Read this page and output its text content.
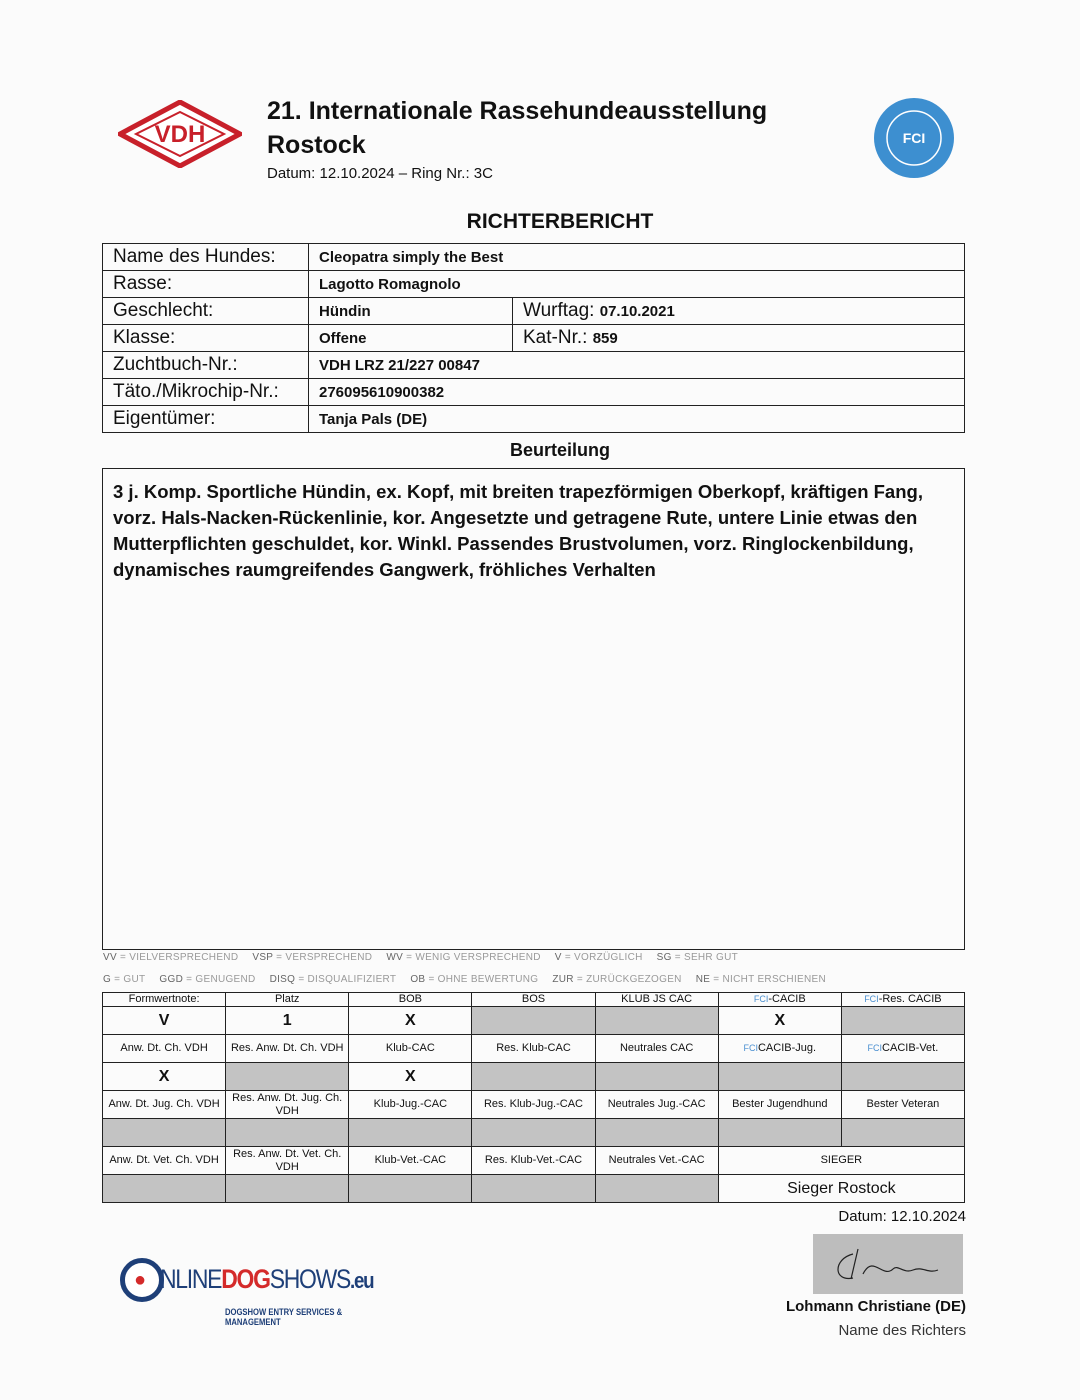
VDH
21. Internationale Rassehundeausstellung
Rostock
Datum: 12.10.2024 – Ring Nr.: 3C
FCI
RICHTERBERICHT
Name des Hundes:	Cleopatra simply the Best	
Rasse:	Lagotto Romagnolo	
Geschlecht:	Hündin	Wurftag: 07.10.2021
Klasse:	Offene	Kat-Nr.: 859
Zuchtbuch-Nr.:	VDH LRZ 21/227 00847	
Täto./Mikrochip-Nr.:	276095610900382	
Eigentümer:	Tanja Pals (DE)	
Beurteilung
3 j. Komp. Sportliche Hündin, ex. Kopf, mit breiten trapezförmigen Oberkopf, kräftigen Fang, vorz. Hals-Nacken-Rückenlinie, kor. Angesetzte und getragene Rute, untere Linie etwas den Mutterpflichten geschuldet, kor. Winkl. Passendes Brustvolumen, vorz. Ringlockenbildung, dynamisches raumgreifendes Gangwerk, fröhliches Verhalten
VV = VIELVERSPRECHEND VSP = VERSPRECHEND WV = WENIG VERSPRECHEND V = VORZÜGLICH SG = SEHR GUT
G = GUT GGD = GENUGEND DISQ = DISQUALIFIZIERT OB = OHNE BEWERTUNG ZUR = ZURÜCKGEZOGEN NE = NICHT ERSCHIENEN
Formwertnote:	Platz	BOB	BOS	KLUB JS CAC	FCI-CACIB	FCI-Res. CACIB
V	1	X			X	
Anw. Dt. Ch. VDH	Res. Anw. Dt. Ch. VDH	Klub-CAC	Res. Klub-CAC	Neutrales CAC	FCICACIB-Jug.	FCICACIB-Vet.
X		X				
Anw. Dt. Jug. Ch. VDH	Res. Anw. Dt. Jug. Ch. VDH	Klub-Jug.-CAC	Res. Klub-Jug.-CAC	Neutrales Jug.-CAC	Bester Jugendhund	Bester Veteran

Anw. Dt. Vet. Ch. VDH	Res. Anw. Dt. Vet. Ch. VDH	Klub-Vet.-CAC	Res. Klub-Vet.-CAC	Neutrales Vet.-CAC	SIEGER	
					Sieger Rostock	
Datum: 12.10.2024
Lohmann Christiane (DE)
Name des Richters
● NLINEDOGSHOWS.eu
DOGSHOW ENTRY SERVICES & MANAGEMENT
